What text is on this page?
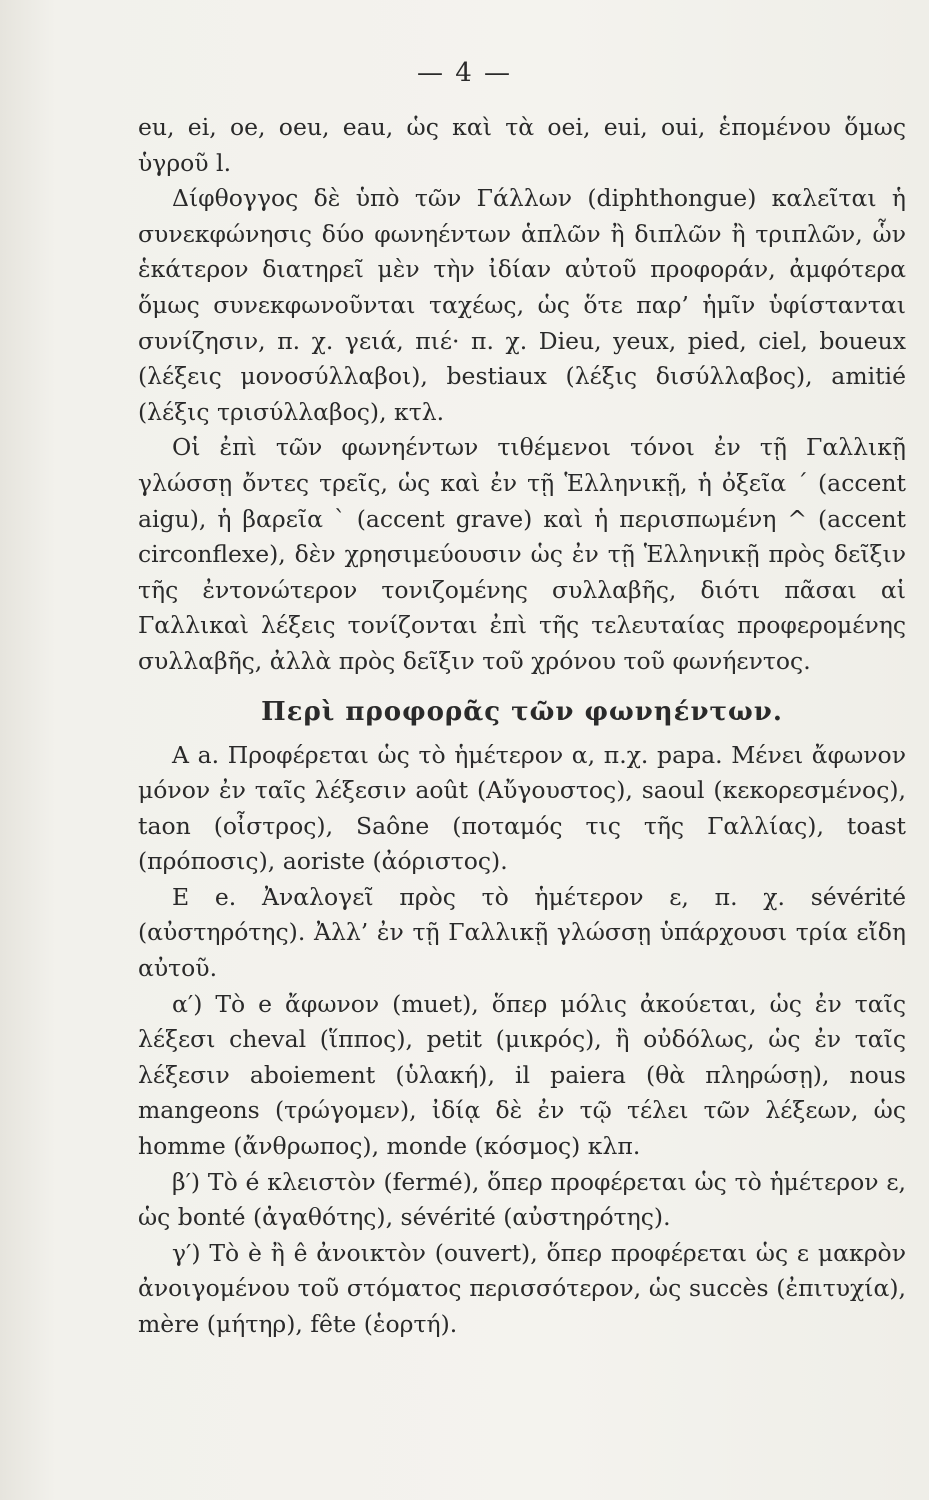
— 4 —

eu, ei, oe, oeu, eau, ὡς καὶ τὰ oei, eui, oui, ἑπομένου ὅμως ὑγροῦ l.

Δίφθογγος δὲ ὑπὸ τῶν Γάλλων (diphthongue) καλεῖται ἡ συνεκφώνησις δύο φωνηέντων ἁπλῶν ἢ διπλῶν ἢ τριπλῶν, ὧν ἑκάτερον διατηρεῖ μὲν τὴν ἰδίαν αὐτοῦ προφοράν, ἀμφότερα ὅμως συνεκφωνοῦνται ταχέως, ὡς ὅτε παρ’ ἡμῖν ὑφίστανται συνίζησιν, π. χ. γειά, πιέ· π. χ. Dieu, yeux, pied, ciel, boueux (λέξεις μονοσύλλαβοι), bestiaux (λέξις δισύλλαβος), amitié (λέξις τρισύλλαβος), κτλ.

Οἱ ἐπὶ τῶν φωνηέντων τιθέμενοι τόνοι ἐν τῇ Γαλλικῇ γλώσσῃ ὄντες τρεῖς, ὡς καὶ ἐν τῇ Ἑλληνικῇ, ἡ ὀξεῖα ´ (accent aigu), ἡ βαρεῖα ` (accent grave) καὶ ἡ περισπωμένη ^ (accent circonflexe), δὲν χρησιμεύουσιν ὡς ἐν τῇ Ἑλληνικῇ πρὸς δεῖξιν τῆς ἐντονώτερον τονιζομένης συλλαβῆς, διότι πᾶσαι αἱ Γαλλικαὶ λέξεις τονίζονται ἐπὶ τῆς τελευταίας προφερομένης συλλαβῆς, ἀλλὰ πρὸς δεῖξιν τοῦ χρόνου τοῦ φωνήεντος.

Περὶ προφορᾶς τῶν φωνηέντων.

Α a. Προφέρεται ὡς τὸ ἡμέτερον α, π.χ. papa. Μένει ἄφωνον μόνον ἐν ταῖς λέξεσιν août (Αὔγουστος), saoul (κεκορεσμένος), taon (οἶστρος), Saône (ποταμός τις τῆς Γαλλίας), toast (πρόποσις), aoriste (ἀόριστος).

Ε e. Ἀναλογεῖ πρὸς τὸ ἡμέτερον ε, π. χ. sévérité (αὐστηρότης). Ἀλλ’ ἐν τῇ Γαλλικῇ γλώσσῃ ὑπάρχουσι τρία εἴδη αὐτοῦ.

α′) Τὸ e ἄφωνον (muet), ὅπερ μόλις ἀκούεται, ὡς ἐν ταῖς λέξεσι cheval (ἵππος), petit (μικρός), ἢ οὐδόλως, ὡς ἐν ταῖς λέξεσιν aboiement (ὑλακή), il paiera (θὰ πληρώσῃ), nous mangeons (τρώγομεν), ἰδίᾳ δὲ ἐν τῷ τέλει τῶν λέξεων, ὡς homme (ἄνθρωπος), monde (κόσμος) κλπ.

β′) Τὸ é κλειστὸν (fermé), ὅπερ προφέρεται ὡς τὸ ἡμέτερον ε, ὡς bonté (ἀγαθότης), sévérité (αὐστηρότης).

γ′) Τὸ è ἢ ê ἀνοικτὸν (ouvert), ὅπερ προφέρεται ὡς ε μακρὸν ἀνοιγομένου τοῦ στόματος περισσότερον, ὡς succès (ἐπιτυχία), mère (μήτηρ), fête (ἑορτή).
